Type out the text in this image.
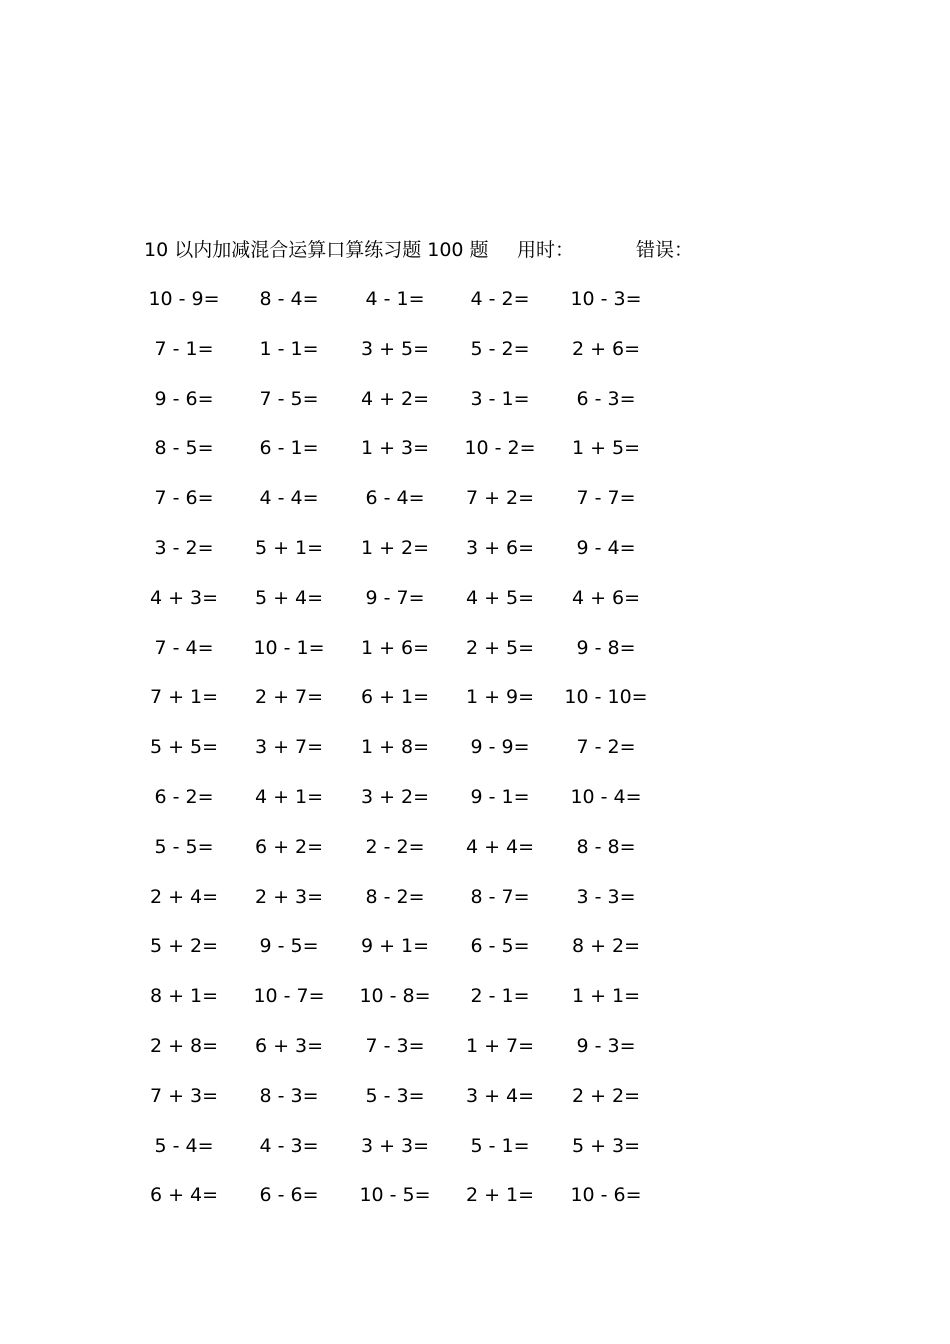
10 以内加减混合运算口算练习题 100 题 用时：	错误：
10 - 9=	8 - 4=	4 - 1=	4 - 2=	10 - 3=
7 - 1=	1 - 1=	3 + 5=	5 - 2=	2 + 6=
9 - 6=	7 - 5=	4 + 2=	3 - 1=	6 - 3=
8 - 5=	6 - 1=	1 + 3=	10 - 2=	1 + 5=
7 - 6=	4 - 4=	6 - 4=	7 + 2=	7 - 7=
3 - 2=	5 + 1=	1 + 2=	3 + 6=	9 - 4=
4 + 3=	5 + 4=	9 - 7=	4 + 5=	4 + 6=
7 - 4=	10 - 1=	1 + 6=	2 + 5=	9 - 8=
7 + 1=	2 + 7=	6 + 1=	1 + 9=	10 - 10=
5 + 5=	3 + 7=	1 + 8=	9 - 9=	7 - 2=
6 - 2=	4 + 1=	3 + 2=	9 - 1=	10 - 4=
5 - 5=	6 + 2=	2 - 2=	4 + 4=	8 - 8=
2 + 4=	2 + 3=	8 - 2=	8 - 7=	3 - 3=
5 + 2=	9 - 5=	9 + 1=	6 - 5=	8 + 2=
8 + 1=	10 - 7=	10 - 8=	2 - 1=	1 + 1=
2 + 8=	6 + 3=	7 - 3=	1 + 7=	9 - 3=
7 + 3=	8 - 3=	5 - 3=	3 + 4=	2 + 2=
5 - 4=	4 - 3=	3 + 3=	5 - 1=	5 + 3=
6 + 4=	6 - 6=	10 - 5=	2 + 1=	10 - 6=
